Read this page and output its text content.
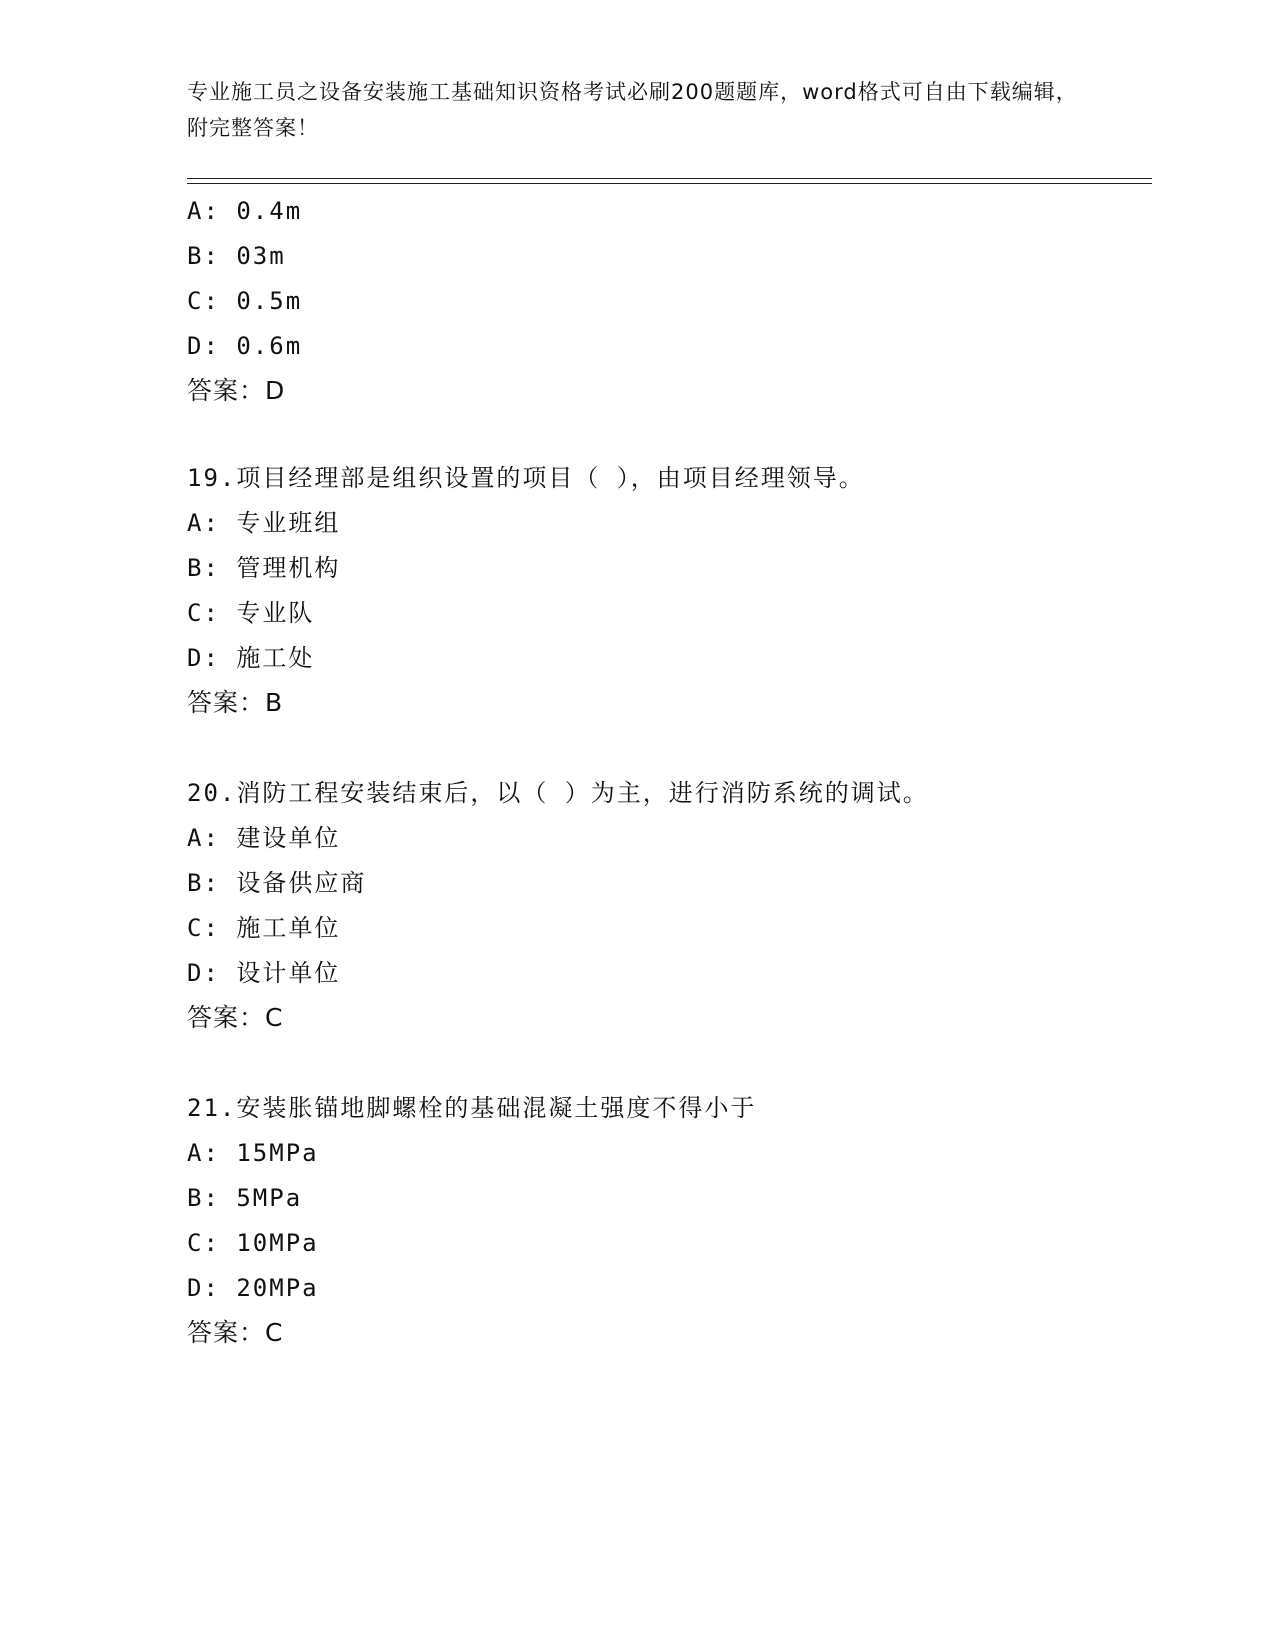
专业施工员之设备安装施工基础知识资格考试必刷200题题库，word格式可自由下载编辑，附完整答案！
A: 0.4m
B: 03m
C: 0.5m
D: 0.6m
答案：D
19.项目经理部是组织设置的项目（ ），由项目经理领导。
A: 专业班组
B: 管理机构
C: 专业队
D: 施工处
答案：B
20.消防工程安装结束后，以（ ）为主，进行消防系统的调试。
A: 建设单位
B: 设备供应商
C: 施工单位
D: 设计单位
答案：C
21.安装胀锚地脚螺栓的基础混凝土强度不得小于
A: 15MPa
B: 5MPa
C: 10MPa
D: 20MPa
答案：C
